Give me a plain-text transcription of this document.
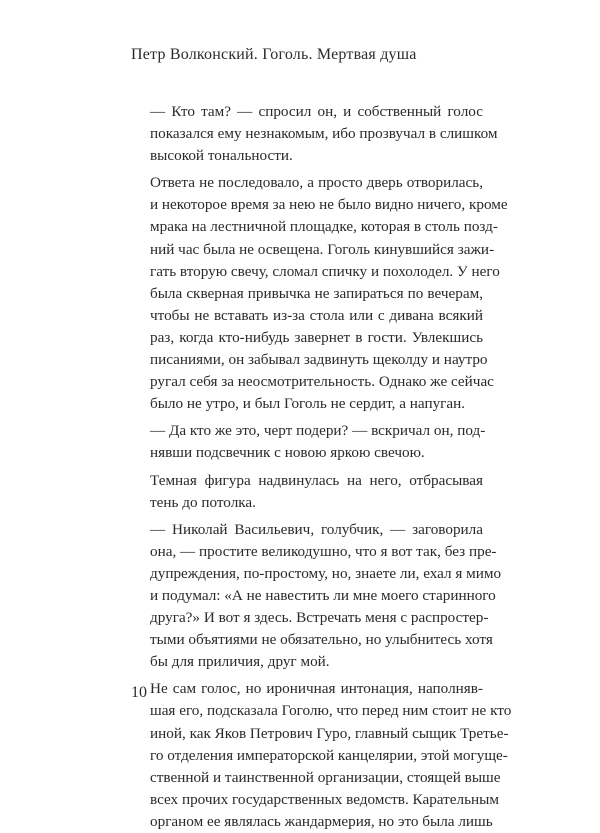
Петр Волконский. Гоголь. Мертвая душа

— Кто там? — спросил он, и собственный голос
показался ему незнакомым, ибо прозвучал в слишком
высокой тональности.

Ответа не последовало, а просто дверь отворилась,
и некоторое время за нею не было видно ничего, кроме
мрака на лестничной площадке, которая в столь позд-
ний час была не освещена. Гоголь кинувшийся зажи-
гать вторую свечу, сломал спичку и похолодел. У него
была скверная привычка не запираться по вечерам,
чтобы не вставать из-за стола или с дивана всякий
раз, когда кто-нибудь завернет в гости. Увлекшись
писаниями, он забывал задвинуть щеколду и наутро
ругал себя за неосмотрительность. Однако же сейчас
было не утро, и был Гоголь не сердит, а напуган.

— Да кто же это, черт подери? — вскричал он, под-
нявши подсвечник с новою яркою свечою.

Темная фигура надвинулась на него, отбрасывая
тень до потолка.

— Николай Васильевич, голубчик, — заговорила
она, — простите великодушно, что я вот так, без пре-
дупреждения, по-простому, но, знаете ли, ехал я мимо
и подумал: «А не навестить ли мне моего старинного
друга?» И вот я здесь. Встречать меня с распростер-
тыми объятиями не обязательно, но улыбнитесь хотя
бы для приличия, друг мой.

Не сам голос, но ироничная интонация, наполняв-
шая его, подсказала Гоголю, что перед ним стоит не кто
иной, как Яков Петрович Гуро, главный сыщик Третье-
го отделения императорской канцелярии, этой могуще-
ственной и таинственной организации, стоящей выше
всех прочих государственных ведомств. Карательным
органом ее являлась жандармерия, но это была лишь

10
